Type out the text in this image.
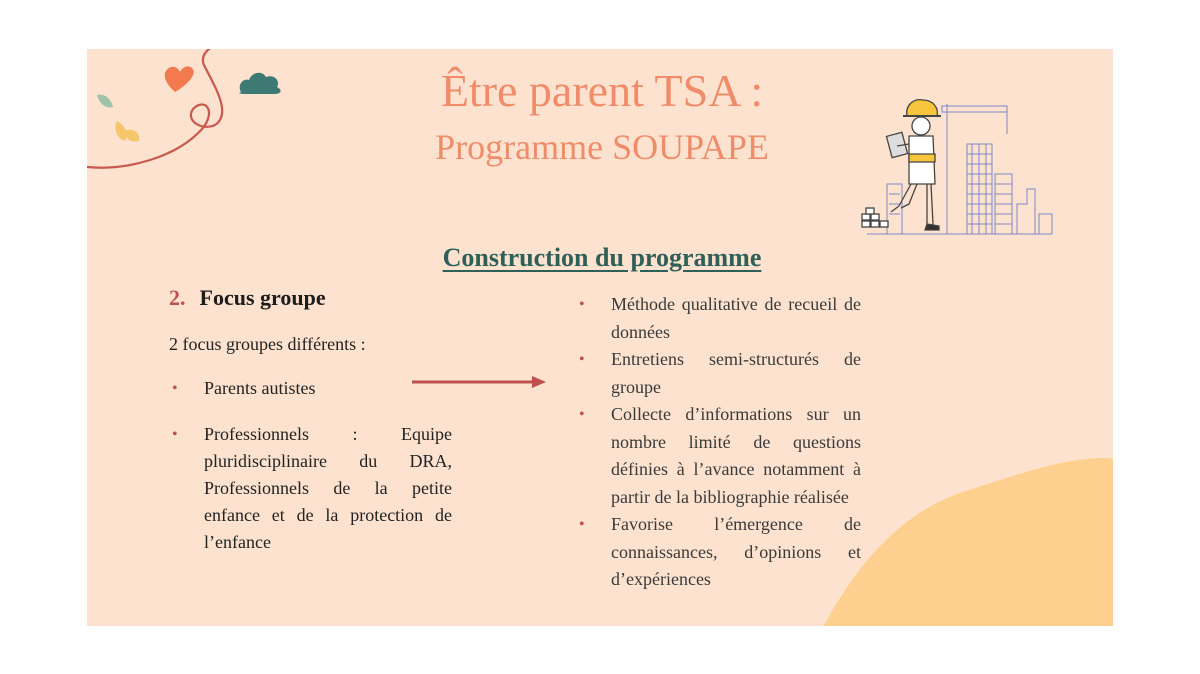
Être parent TSA :
Programme SOUPAPE
Construction du programme
2. Focus groupe
2 focus groupes différents :
• Parents autistes
• Professionnels : Equipe pluridisciplinaire du DRA, Professionnels de la petite enfance et de la protection de l’enfance
• Méthode qualitative de recueil de données
• Entretiens semi-structurés de groupe
• Collecte d’informations sur un nombre limité de questions définies à l’avance notamment à partir de la bibliographie réalisée
• Favorise l’émergence de connaissances, d’opinions et d’expériences
